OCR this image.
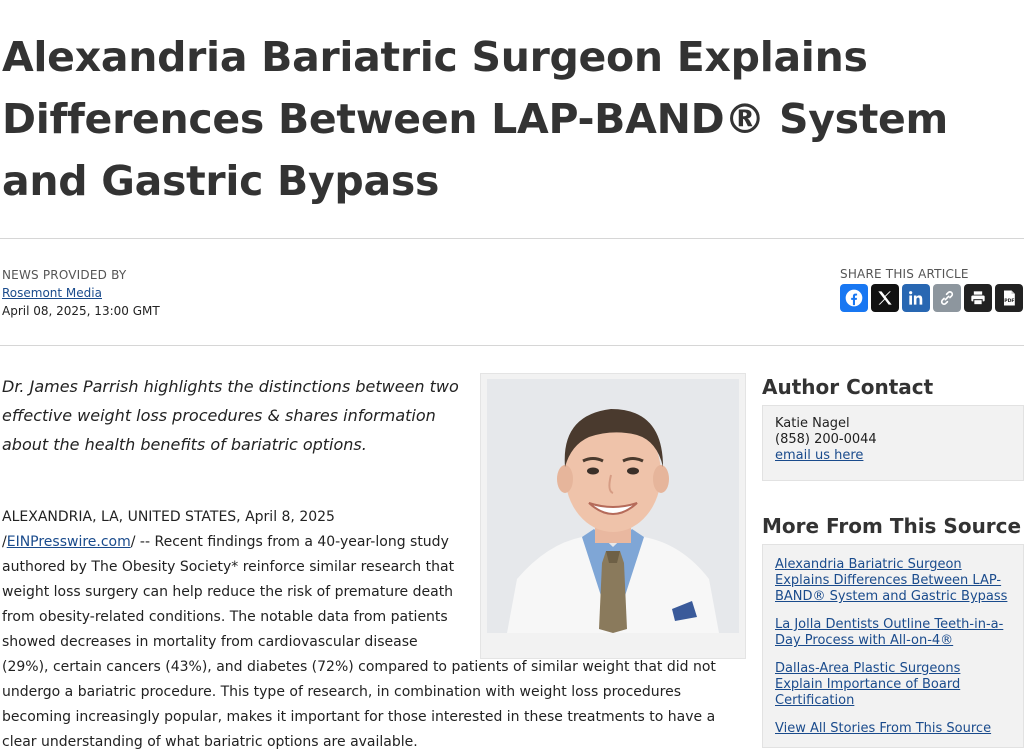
Alexandria Bariatric Surgeon Explains Differences Between LAP-BAND® System and Gastric Bypass
NEWS PROVIDED BY
Rosemont Media
April 08, 2025, 13:00 GMT
SHARE THIS ARTICLE
PDF

Dr. James Parrish highlights the distinctions between two effective weight loss procedures & shares information about the health benefits of bariatric options.

ALEXANDRIA, LA, UNITED STATES, April 8, 2025
/EINPresswire.com/ -- Recent findings from a 40-year-long study authored by The Obesity Society* reinforce similar research that weight loss surgery can help reduce the risk of premature death from obesity-related conditions. The notable data from patients showed decreases in mortality from cardiovascular disease (29%), certain cancers (43%), and diabetes (72%) compared to patients of similar weight that did not undergo a bariatric procedure. This type of research, in combination with weight loss procedures becoming increasingly popular, makes it important for those interested in these treatments to have a clear understanding of what bariatric options are available.
Author Contact
Katie Nagel
(858) 200-0044
email us here
More From This Source
Alexandria Bariatric Surgeon Explains Differences Between LAP-BAND® System and Gastric Bypass
La Jolla Dentists Outline Teeth-in-a-Day Process with All-on-4®
Dallas-Area Plastic Surgeons Explain Importance of Board Certification
View All Stories From This Source
